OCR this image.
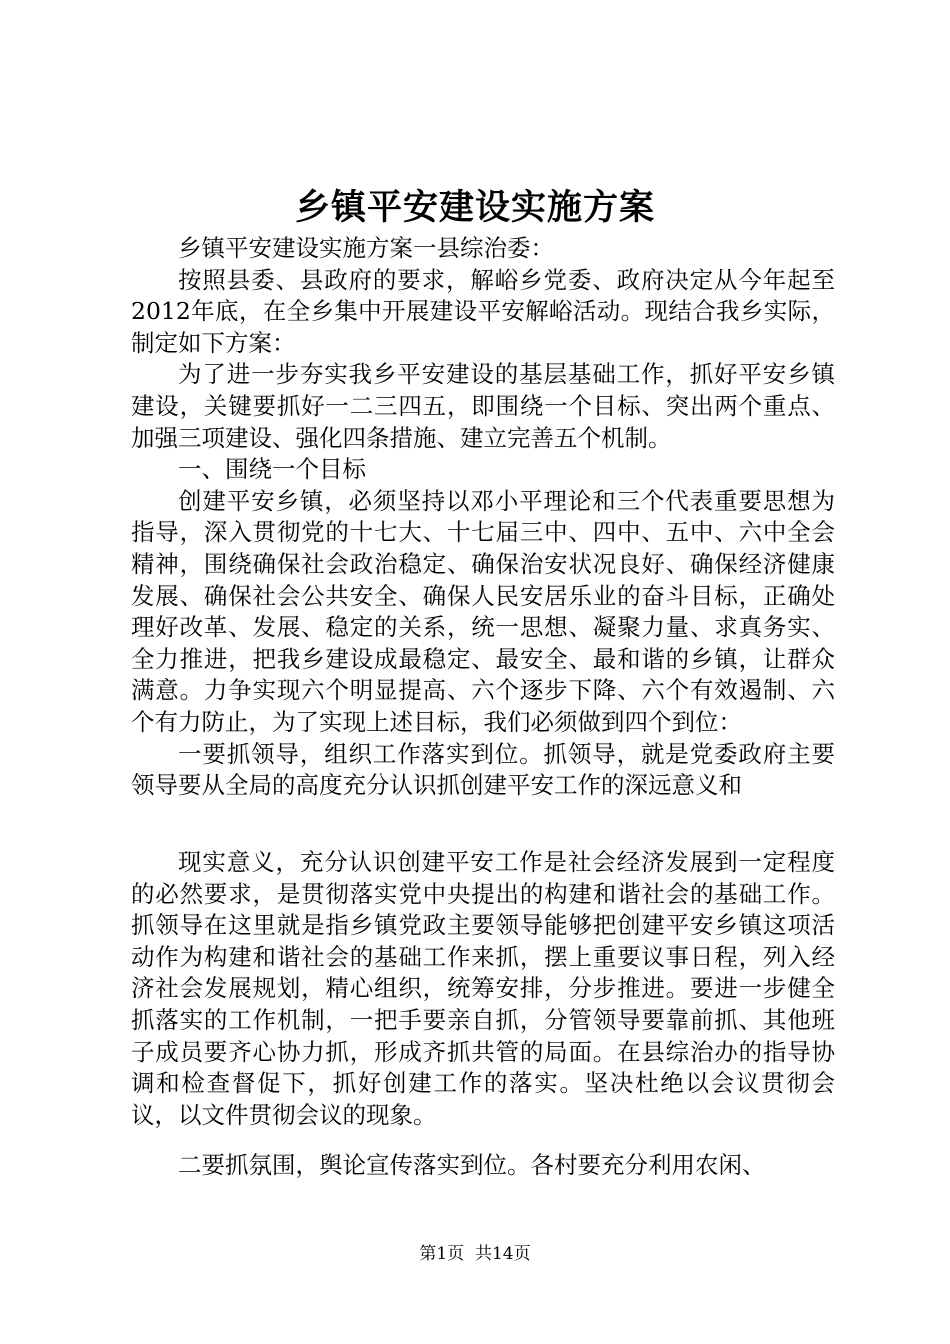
乡镇平安建设实施方案

乡镇平安建设实施方案一县综治委：

按照县委、县政府的要求，解峪乡党委、政府决定从今年起至2012年底，在全乡集中开展建设平安解峪活动。现结合我乡实际，制定如下方案：

为了进一步夯实我乡平安建设的基层基础工作，抓好平安乡镇建设，关键要抓好一二三四五，即围绕一个目标、突出两个重点、加强三项建设、强化四条措施、建立完善五个机制。

一、围绕一个目标

创建平安乡镇，必须坚持以邓小平理论和三个代表重要思想为指导，深入贯彻党的十七大、十七届三中、四中、五中、六中全会精神，围绕确保社会政治稳定、确保治安状况良好、确保经济健康发展、确保社会公共安全、确保人民安居乐业的奋斗目标，正确处理好改革、发展、稳定的关系，统一思想、凝聚力量、求真务实、全力推进，把我乡建设成最稳定、最安全、最和谐的乡镇，让群众满意。力争实现六个明显提高、六个逐步下降、六个有效遏制、六个有力防止，为了实现上述目标，我们必须做到四个到位：

一要抓领导，组织工作落实到位。抓领导，就是党委政府主要领导要从全局的高度充分认识抓创建平安工作的深远意义和

现实意义，充分认识创建平安工作是社会经济发展到一定程度的必然要求，是贯彻落实党中央提出的构建和谐社会的基础工作。抓领导在这里就是指乡镇党政主要领导能够把创建平安乡镇这项活动作为构建和谐社会的基础工作来抓，摆上重要议事日程，列入经济社会发展规划，精心组织，统筹安排，分步推进。要进一步健全抓落实的工作机制，一把手要亲自抓，分管领导要靠前抓、其他班子成员要齐心协力抓，形成齐抓共管的局面。在县综治办的指导协调和检查督促下，抓好创建工作的落实。坚决杜绝以会议贯彻会议，以文件贯彻会议的现象。

二要抓氛围，舆论宣传落实到位。各村要充分利用农闲、

第1页  共14页
